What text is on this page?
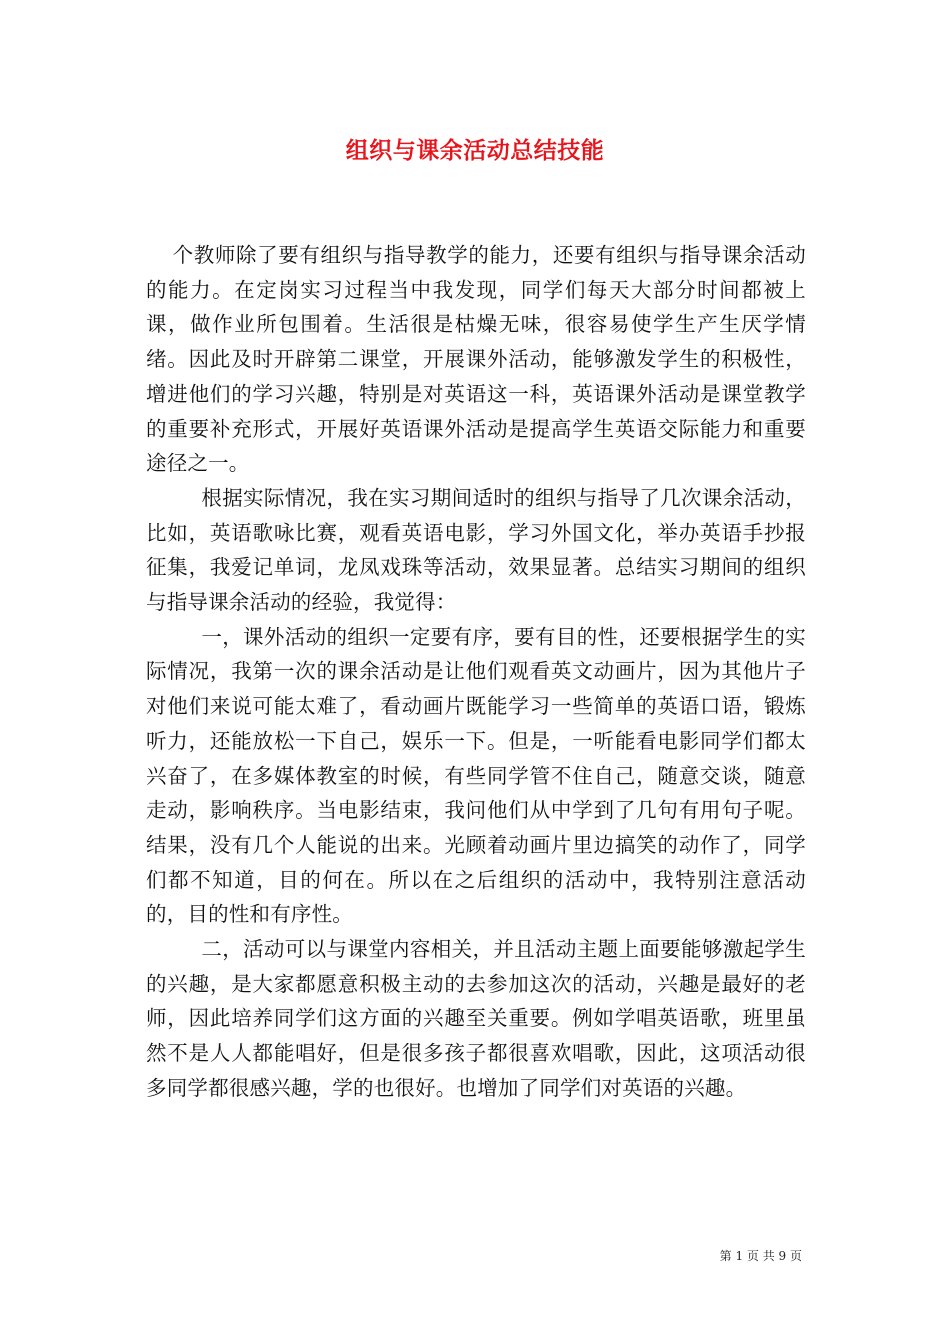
组织与课余活动总结技能

个教师除了要有组织与指导教学的能力，还要有组织与指导课余活动的能力。在定岗实习过程当中我发现，同学们每天大部分时间都被上课，做作业所包围着。生活很是枯燥无味，很容易使学生产生厌学情绪。因此及时开辟第二课堂，开展课外活动，能够激发学生的积极性，增进他们的学习兴趣，特别是对英语这一科，英语课外活动是课堂教学的重要补充形式，开展好英语课外活动是提高学生英语交际能力和重要途径之一。

根据实际情况，我在实习期间适时的组织与指导了几次课余活动，比如，英语歌咏比赛，观看英语电影，学习外国文化，举办英语手抄报征集，我爱记单词，龙凤戏珠等活动，效果显著。总结实习期间的组织与指导课余活动的经验，我觉得：

一，课外活动的组织一定要有序，要有目的性，还要根据学生的实际情况，我第一次的课余活动是让他们观看英文动画片，因为其他片子对他们来说可能太难了，看动画片既能学习一些简单的英语口语，锻炼听力，还能放松一下自己，娱乐一下。但是，一听能看电影同学们都太兴奋了，在多媒体教室的时候，有些同学管不住自己，随意交谈，随意走动，影响秩序。当电影结束，我问他们从中学到了几句有用句子呢。结果，没有几个人能说的出来。光顾着动画片里边搞笑的动作了，同学们都不知道，目的何在。所以在之后组织的活动中，我特别注意活动的，目的性和有序性。

二，活动可以与课堂内容相关，并且活动主题上面要能够激起学生的兴趣，是大家都愿意积极主动的去参加这次的活动，兴趣是最好的老师，因此培养同学们这方面的兴趣至关重要。例如学唱英语歌，班里虽然不是人人都能唱好，但是很多孩子都很喜欢唱歌，因此，这项活动很多同学都很感兴趣，学的也很好。也增加了同学们对英语的兴趣。

第 1 页 共 9 页
